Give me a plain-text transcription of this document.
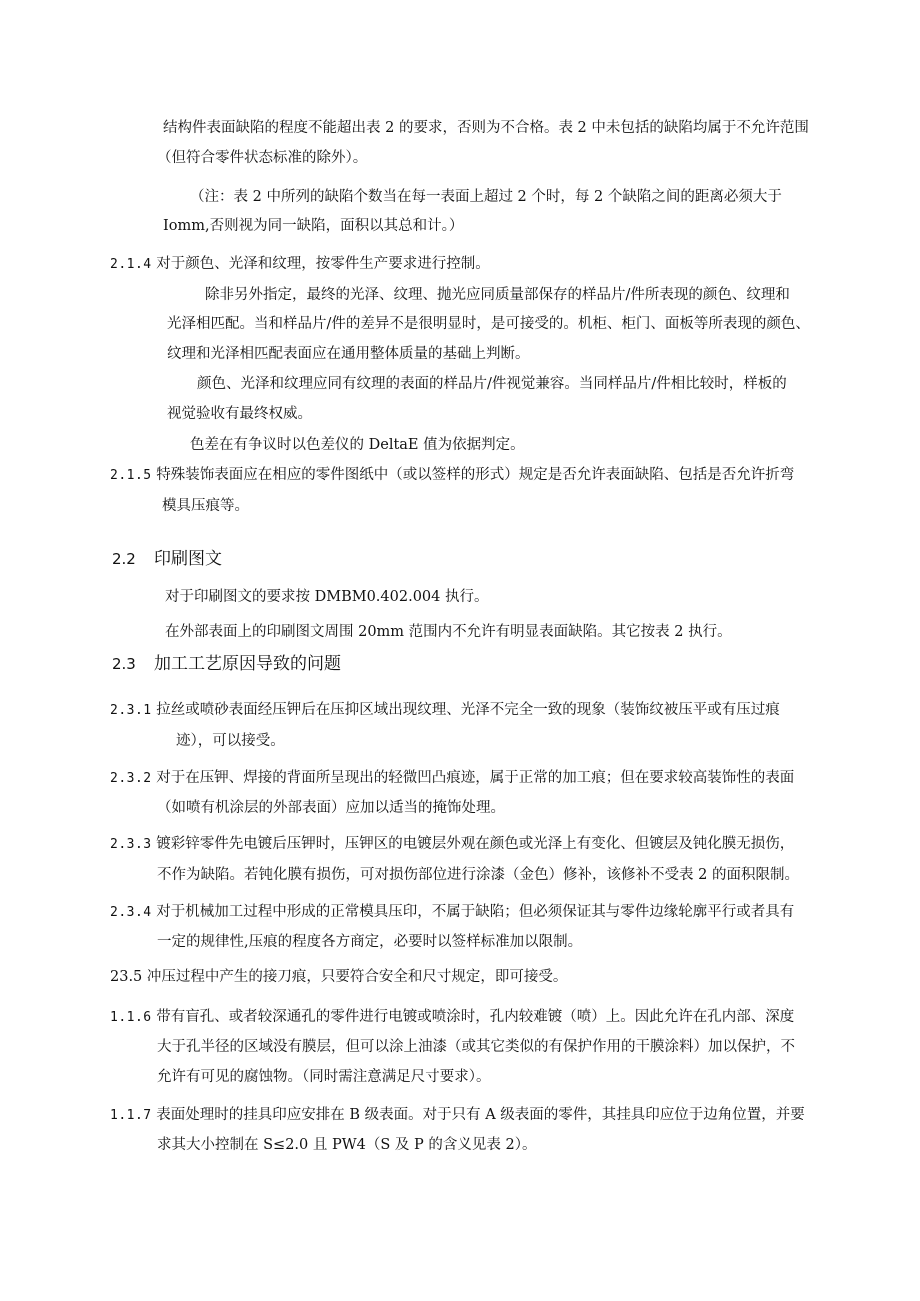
结构件表面缺陷的程度不能超出表 2 的要求，否则为不合格。表 2 中未包括的缺陷均属于不允许范围
（但符合零件状态标准的除外）。
（注：表 2 中所列的缺陷个数当在每一表面上超过 2 个时，每 2 个缺陷之间的距离必须大于
Iomm,否则视为同一缺陷，面积以其总和计。）
2.1.4 对于颜色、光泽和纹理，按零件生产要求进行控制。
除非另外指定，最终的光泽、纹理、抛光应同质量部保存的样品片/件所表现的颜色、纹理和
光泽相匹配。当和样品片/件的差异不是很明显时，是可接受的。机柜、柜门、面板等所表现的颜色、
纹理和光泽相匹配表面应在通用整体质量的基础上判断。
颜色、光泽和纹理应同有纹理的表面的样品片/件视觉兼容。当同样品片/件相比较时，样板的
视觉验收有最终权威。
色差在有争议时以色差仪的 DeltaE 值为依据判定。
2.1.5 特殊装饰表面应在相应的零件图纸中（或以签样的形式）规定是否允许表面缺陷、包括是否允许折弯
模具压痕等。
2.2 印刷图文
对于印刷图文的要求按 DMBM0.402.004 执行。
在外部表面上的印刷图文周围 20mm 范围内不允许有明显表面缺陷。其它按表 2 执行。
2.3 加工工艺原因导致的问题
2.3.1 拉丝或喷砂表面经压钾后在压抑区域出现纹理、光泽不完全一致的现象（装饰纹被压平或有压过痕
迹），可以接受。
2.3.2 对于在压钾、焊接的背面所呈现出的轻微凹凸痕迹，属于正常的加工痕；但在要求较高装饰性的表面
（如喷有机涂层的外部表面）应加以适当的掩饰处理。
2.3.3 镀彩锌零件先电镀后压钾时，压钾区的电镀层外观在颜色或光泽上有变化、但镀层及钝化膜无损伤，
不作为缺陷。若钝化膜有损伤，可对损伤部位进行涂漆（金色）修补，该修补不受表 2 的面积限制。
2.3.4 对于机械加工过程中形成的正常模具压印，不属于缺陷；但必须保证其与零件边缘轮廓平行或者具有
一定的规律性,压痕的程度各方商定，必要时以签样标准加以限制。
23.5 冲压过程中产生的接刀痕，只要符合安全和尺寸规定，即可接受。
1.1.6 带有盲孔、或者较深通孔的零件进行电镀或喷涂时，孔内较难镀（喷）上。因此允许在孔内部、深度
大于孔半径的区域没有膜层，但可以涂上油漆（或其它类似的有保护作用的干膜涂料）加以保护，不
允许有可见的腐蚀物。（同时需注意满足尺寸要求）。
1.1.7 表面处理时的挂具印应安排在 B 级表面。对于只有 A 级表面的零件，其挂具印应位于边角位置，并要
求其大小控制在 S≤2.0 且 PW4（S 及 P 的含义见表 2）。
